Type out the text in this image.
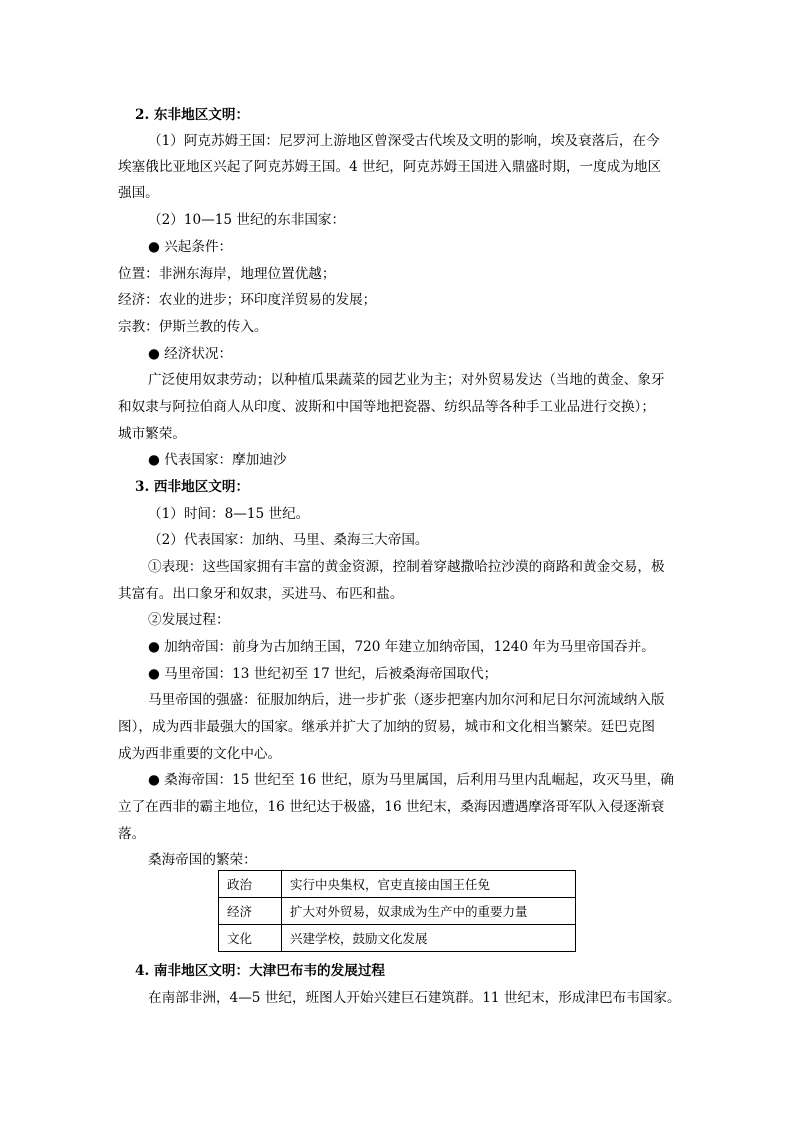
2. 东非地区文明：
（1）阿克苏姆王国：尼罗河上游地区曾深受古代埃及文明的影响，埃及衰落后，在今
埃塞俄比亚地区兴起了阿克苏姆王国。4 世纪，阿克苏姆王国进入鼎盛时期，一度成为地区
强国。
（2）10—15 世纪的东非国家：
● 兴起条件：
位置：非洲东海岸，地理位置优越；
经济：农业的进步；环印度洋贸易的发展；
宗教：伊斯兰教的传入。
● 经济状况：
广泛使用奴隶劳动；以种植瓜果蔬菜的园艺业为主；对外贸易发达（当地的黄金、象牙
和奴隶与阿拉伯商人从印度、波斯和中国等地把瓷器、纺织品等各种手工业品进行交换）；
城市繁荣。
● 代表国家：摩加迪沙
3. 西非地区文明：
（1）时间：8—15 世纪。
（2）代表国家：加纳、马里、桑海三大帝国。
①表现：这些国家拥有丰富的黄金资源，控制着穿越撒哈拉沙漠的商路和黄金交易，极
其富有。出口象牙和奴隶，买进马、布匹和盐。
②发展过程：
● 加纳帝国：前身为古加纳王国，720 年建立加纳帝国，1240 年为马里帝国吞并。
● 马里帝国：13 世纪初至 17 世纪，后被桑海帝国取代；
马里帝国的强盛：征服加纳后，进一步扩张（逐步把塞内加尔河和尼日尔河流域纳入版
图），成为西非最强大的国家。继承并扩大了加纳的贸易，城市和文化相当繁荣。廷巴克图
成为西非重要的文化中心。
● 桑海帝国：15 世纪至 16 世纪，原为马里属国，后利用马里内乱崛起，攻灭马里，确
立了在西非的霸主地位，16 世纪达于极盛，16 世纪末，桑海因遭遇摩洛哥军队入侵逐渐衰
落。
桑海帝国的繁荣：
政治	实行中央集权，官吏直接由国王任免
经济	扩大对外贸易，奴隶成为生产中的重要力量
文化	兴建学校，鼓励文化发展
4. 南非地区文明：大津巴布韦的发展过程
在南部非洲，4—5 世纪，班图人开始兴建巨石建筑群。11 世纪末，形成津巴布韦国家。
